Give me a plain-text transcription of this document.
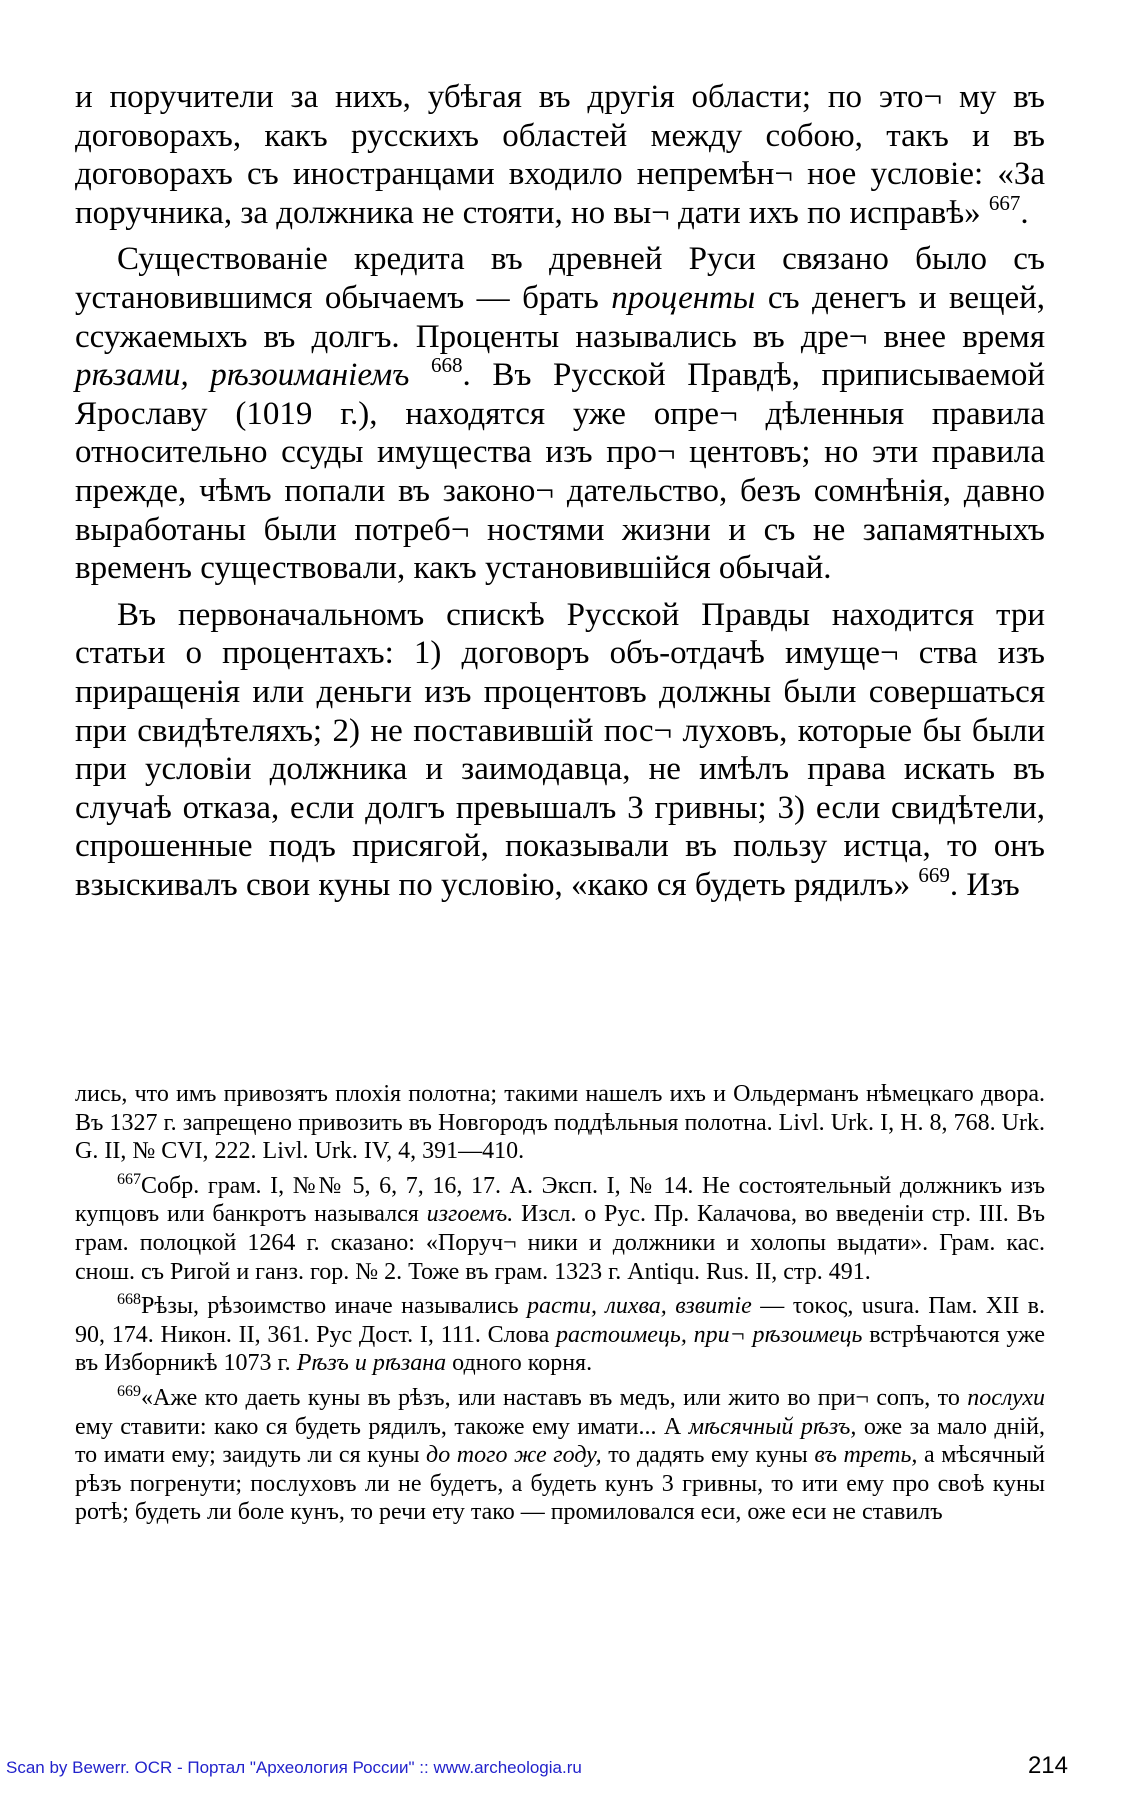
и поручители за нихъ, убѣгая въ другія области; по это¬ му въ договорахъ, какъ русскихъ областей между собою, такъ и въ договорахъ съ иностранцами входило непремѣн¬ ное условіе: «За поручника, за должника не стояти, но вы¬ дати ихъ по исправѣ» $^{667}$.

Существованіе кредита въ древней Руси связано было съ установившимся обычаемъ — брать проценты съ денегъ и вещей, ссужаемыхъ въ долгъ. Проценты назывались въ дре¬ внее время рѣзами, рѣзоиманіемъ $^{668}$. Въ Русской Правдѣ, приписываемой Ярославу (1019 г.), находятся уже опре¬ дѣленныя правила относительно ссуды имущества изъ про¬ центовъ; но эти правила прежде, чѣмъ попали въ законо¬ дательство, безъ сомнѣнія, давно выработаны были потреб¬ ностями жизни и съ не запамятныхъ временъ существовали, какъ установившійся обычай.

Въ первоначальномъ спискѣ Русской Правды находится три статьи о процентахъ: 1) договоръ объ-отдачѣ имуще¬ ства изъ приращенія или деньги изъ процентовъ должны были совершаться при свидѣтеляхъ; 2) не поставившій пос¬ луховъ, которые бы были при условіи должника и заимодавца, не имѣлъ права искать въ случаѣ отказа, если долгъ превышалъ 3 гривны; 3) если свидѣтели, спрошенные подъ присягой, показывали въ пользу истца, то онъ взыскивалъ свои куны по условію, «како ся будеть рядилъ» $^{669}$. Изъ

лись, что имъ привозятъ плохія полотна; такими нашелъ ихъ и Ольдерманъ нѣмецкаго двора. Въ 1327 г. запрещено привозить въ Новгородъ поддѣльныя полотна. Livl. Urk. I, H. 8, 768. Urk. G. II, № CVI, 222. Livl. Urk. IV, 4, 391—410.

$^{667}$Собр. грам. I, №№ 5, 6, 7, 16, 17. А. Эксп. I, № 14. Не состоятельный должникъ изъ купцовъ или банкротъ назывался изгоемъ. Изсл. о Рус. Пр. Калачова, во введеніи стр. III. Въ грам. полоцкой 1264 г. сказано: «Поруч¬ ники и должники и холопы выдати». Грам. кас. снош. съ Ригой и ганз. гор. № 2. Тоже въ грам. 1323 г. Antiqu. Rus. II, стр. 491.

$^{668}$Рѣзы, рѣзоимство иначе назывались расти, лихва, взвитіе — τοκος, usura. Пам. XII в. 90, 174. Никон. II, 361. Рус Дост. I, 111. Слова растоимець, при¬ рѣзоимець встрѣчаются уже въ Изборникѣ 1073 г. Рѣзъ и рѣзана одного корня.

$^{669}$«Аже кто даеть куны въ рѣзъ, или наставъ въ медъ, или жито во при¬ сопъ, то послухи ему ставити: како ся будеть рядилъ, такоже ему имати... А мѣсячный рѣзъ, оже за мало дній, то имати ему; заидуть ли ся куны до того же году, то дадять ему куны въ треть, а мѣсячный рѣзъ погренути; послуховъ ли не будетъ, а будеть кунъ 3 гривны, то ити ему про своѣ куны ротѣ; будеть ли боле кунъ, то речи ету тако — промиловался еси, оже еси не ставилъ

Scan by Bewerr. OCR - Портал "Археология России" :: www.archeologia.ru	214
